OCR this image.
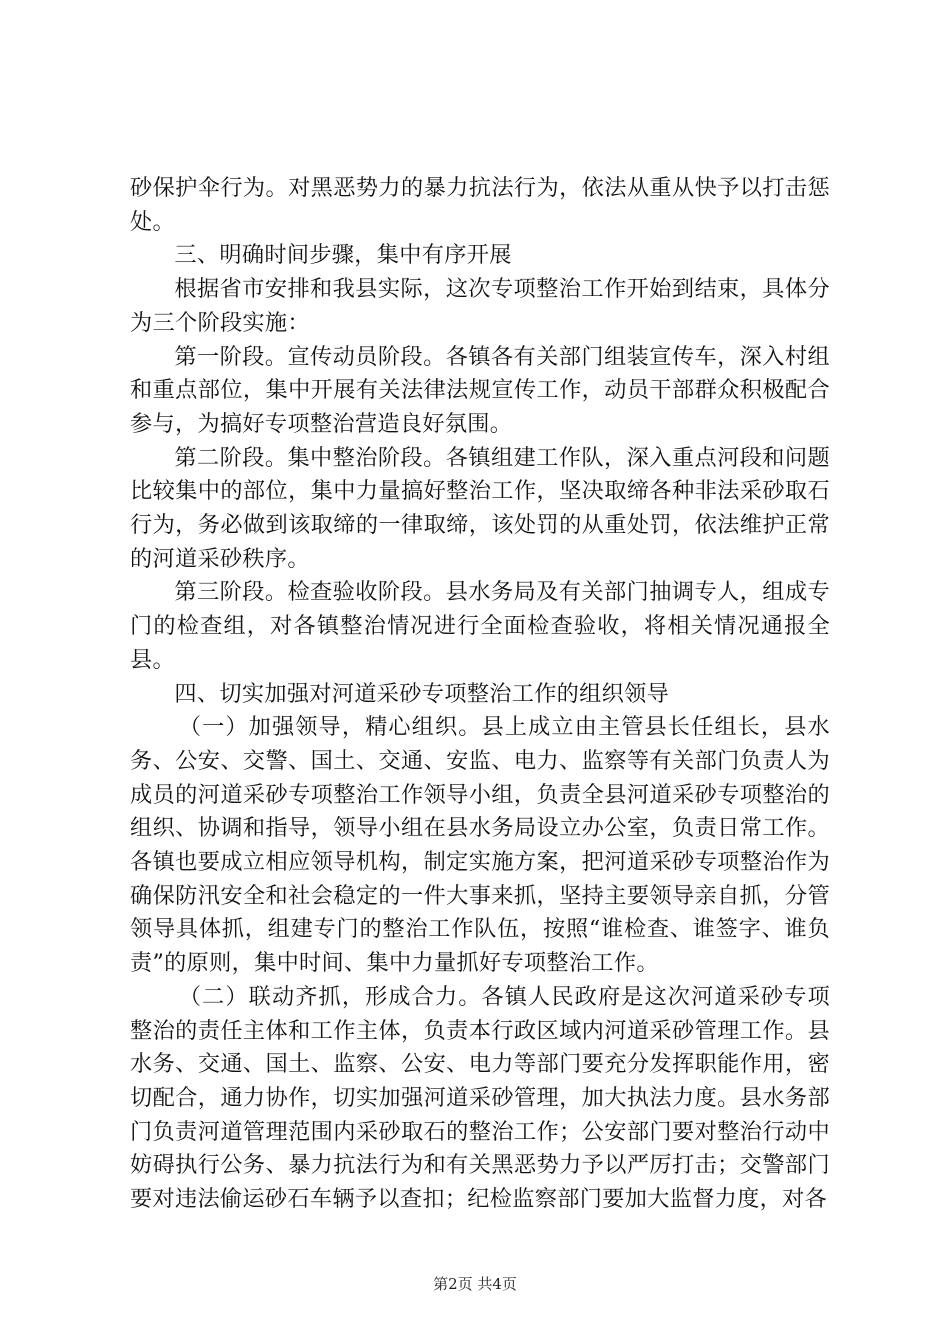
砂保护伞行为。对黑恶势力的暴力抗法行为，依法从重从快予以打击惩处。

三、明确时间步骤，集中有序开展

根据省市安排和我县实际，这次专项整治工作开始到结束，具体分为三个阶段实施：

第一阶段。宣传动员阶段。各镇各有关部门组装宣传车，深入村组和重点部位，集中开展有关法律法规宣传工作，动员干部群众积极配合参与，为搞好专项整治营造良好氛围。

第二阶段。集中整治阶段。各镇组建工作队，深入重点河段和问题比较集中的部位，集中力量搞好整治工作，坚决取缔各种非法采砂取石行为，务必做到该取缔的一律取缔，该处罚的从重处罚，依法维护正常的河道采砂秩序。

第三阶段。检查验收阶段。县水务局及有关部门抽调专人，组成专门的检查组，对各镇整治情况进行全面检查验收，将相关情况通报全县。

四、切实加强对河道采砂专项整治工作的组织领导

（一）加强领导，精心组织。县上成立由主管县长任组长，县水务、公安、交警、国土、交通、安监、电力、监察等有关部门负责人为成员的河道采砂专项整治工作领导小组，负责全县河道采砂专项整治的组织、协调和指导，领导小组在县水务局设立办公室，负责日常工作。各镇也要成立相应领导机构，制定实施方案，把河道采砂专项整治作为确保防汛安全和社会稳定的一件大事来抓，坚持主要领导亲自抓，分管领导具体抓，组建专门的整治工作队伍，按照“谁检查、谁签字、谁负责”的原则，集中时间、集中力量抓好专项整治工作。

（二）联动齐抓，形成合力。各镇人民政府是这次河道采砂专项整治的责任主体和工作主体，负责本行政区域内河道采砂管理工作。县水务、交通、国土、监察、公安、电力等部门要充分发挥职能作用，密切配合，通力协作，切实加强河道采砂管理，加大执法力度。县水务部门负责河道管理范围内采砂取石的整治工作；公安部门要对整治行动中妨碍执行公务、暴力抗法行为和有关黑恶势力予以严厉打击；交警部门要对违法偷运砂石车辆予以查扣；纪检监察部门要加大监督力度，对各

第2页 共4页
